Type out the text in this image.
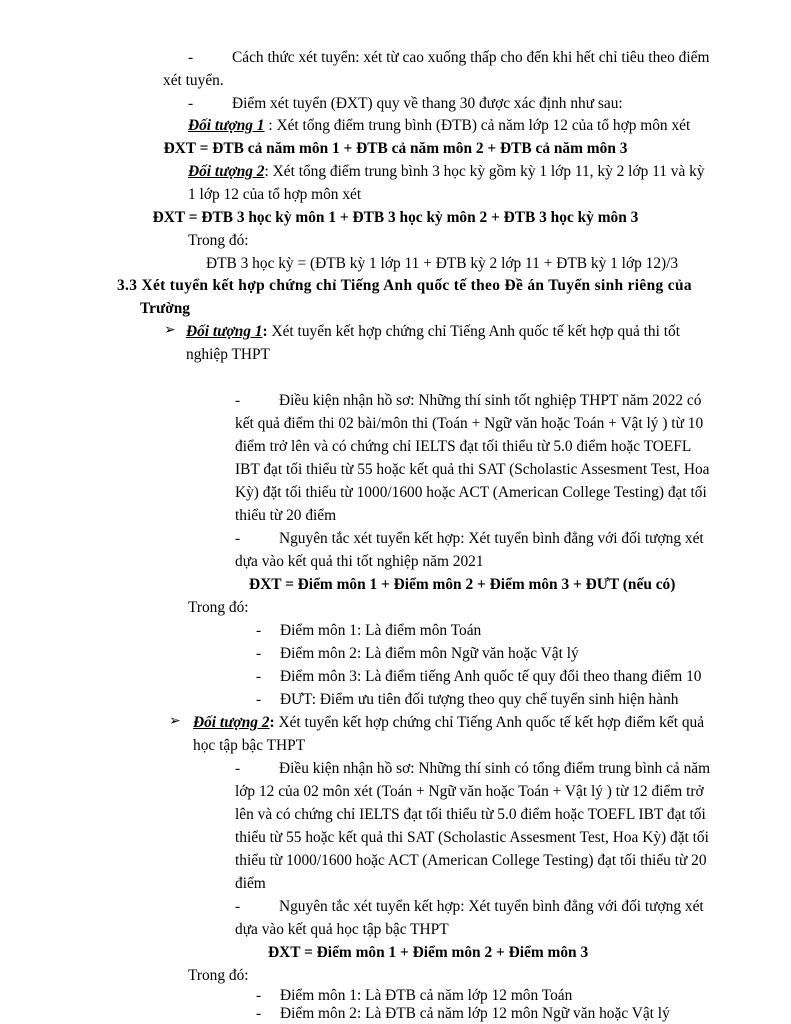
-	Cách thức xét tuyển: xét từ cao xuống thấp cho đến khi hết chỉ tiêu theo điểm
xét tuyển.
-	Điểm xét tuyển (ĐXT) quy về thang 30 được xác định như sau:
Đối tượng 1 : Xét tổng điểm trung bình (ĐTB) cả năm lớp 12 của tổ hợp môn xét
ĐXT = ĐTB cả năm môn 1 + ĐTB cả năm môn 2 + ĐTB cả năm môn 3
Đối tượng 2: Xét tổng điểm trung bình 3 học kỳ gồm kỳ 1 lớp 11, kỳ 2 lớp 11 và kỳ
1 lớp 12 của tổ hợp môn xét
ĐXT = ĐTB 3 học kỳ môn 1 + ĐTB 3 học kỳ môn 2 + ĐTB 3 học kỳ môn 3
Trong đó:
ĐTB 3 học kỳ = (ĐTB kỳ 1 lớp 11 + ĐTB kỳ 2 lớp 11 + ĐTB kỳ 1 lớp 12)/3
3.3 Xét tuyển kết hợp chứng chỉ Tiếng Anh quốc tế theo Đề án Tuyển sinh riêng của
Trường
➢ Đối tượng 1: Xét tuyển kết hợp chứng chỉ Tiếng Anh quốc tế kết hợp quả thi tốt
nghiệp THPT
-	Điều kiện nhận hồ sơ: Những thí sinh tốt nghiệp THPT năm 2022 có
kết quả điểm thi 02 bài/môn thi (Toán + Ngữ văn hoặc Toán + Vật lý ) từ 10
điểm trở lên và có chứng chỉ IELTS đạt tối thiểu từ 5.0 điểm hoặc TOEFL
IBT đạt tối thiểu từ 55 hoặc kết quả thi SAT (Scholastic Assesment Test, Hoa
Kỳ) đặt tối thiểu từ 1000/1600 hoặc ACT (American College Testing) đạt tối
thiểu từ 20 điểm
-	Nguyên tắc xét tuyển kết hợp: Xét tuyển bình đẳng với đối tượng xét
dựa vào kết quả thi tốt nghiệp năm 2021
ĐXT = Điểm môn 1 + Điểm môn 2 + Điểm môn 3 + ĐƯT (nếu có)
Trong đó:
- Điểm môn 1: Là điểm môn Toán
- Điểm môn 2: Là điểm môn Ngữ văn hoặc Vật lý
- Điểm môn 3: Là điểm tiếng Anh quốc tế quy đổi theo thang điểm 10
- ĐƯT: Điểm ưu tiên đối tượng theo quy chế tuyển sinh hiện hành
➢ Đối tượng 2: Xét tuyển kết hợp chứng chỉ Tiếng Anh quốc tế kết hợp điểm kết quả
học tập bậc THPT
-	Điều kiện nhận hồ sơ: Những thí sinh có tổng điểm trung bình cả năm
lớp 12 của 02 môn xét (Toán + Ngữ văn hoặc Toán + Vật lý ) từ 12 điểm trở
lên và có chứng chỉ IELTS đạt tối thiểu từ 5.0 điểm hoặc TOEFL IBT đạt tối
thiểu từ 55 hoặc kết quả thi SAT (Scholastic Assesment Test, Hoa Kỳ) đặt tối
thiểu từ 1000/1600 hoặc ACT (American College Testing) đạt tối thiểu từ 20
điểm
-	Nguyên tắc xét tuyển kết hợp: Xét tuyển bình đẳng với đối tượng xét
dựa vào kết quả học tập bậc THPT
ĐXT = Điểm môn 1 + Điểm môn 2 + Điểm môn 3
Trong đó:
- Điểm môn 1: Là ĐTB cả năm lớp 12 môn Toán
- Điểm môn 2: Là ĐTB cả năm lớp 12 môn Ngữ văn hoặc Vật lý
